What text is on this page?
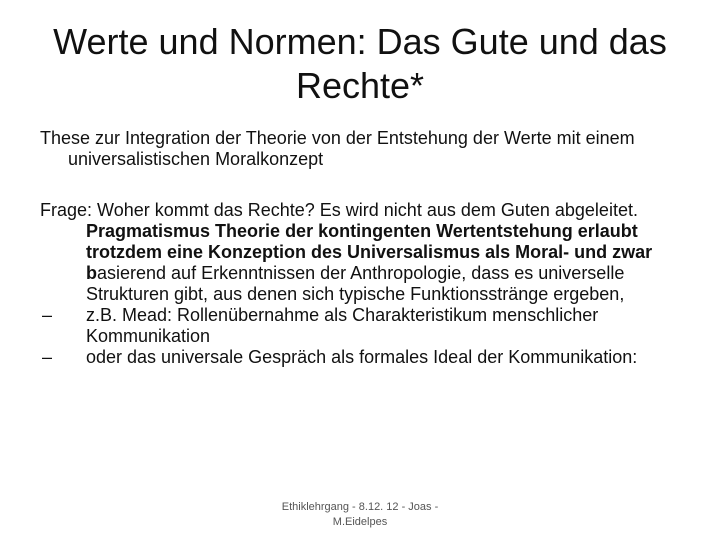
Werte und Normen: Das Gute und das
Rechte*

These zur Integration der Theorie von der Entstehung der Werte mit einem universalistischen Moralkonzept

Frage: Woher kommt das Rechte? Es wird nicht aus dem Guten abgeleitet.

Pragmatismus Theorie der kontingenten Wertentstehung erlaubt trotzdem eine Konzeption des Universalismus als Moral- und zwar basierend auf Erkenntnissen der Anthropologie, dass es universelle Strukturen gibt, aus denen sich typische Funktionsstränge ergeben,
–	z.B. Mead: Rollenübernahme als Charakteristikum menschlicher Kommunikation
–	oder das universale Gespräch als formales Ideal der Kommunikation:
Ethiklehrgang - 8.12. 12 - Joas -
M.Eidelpes
